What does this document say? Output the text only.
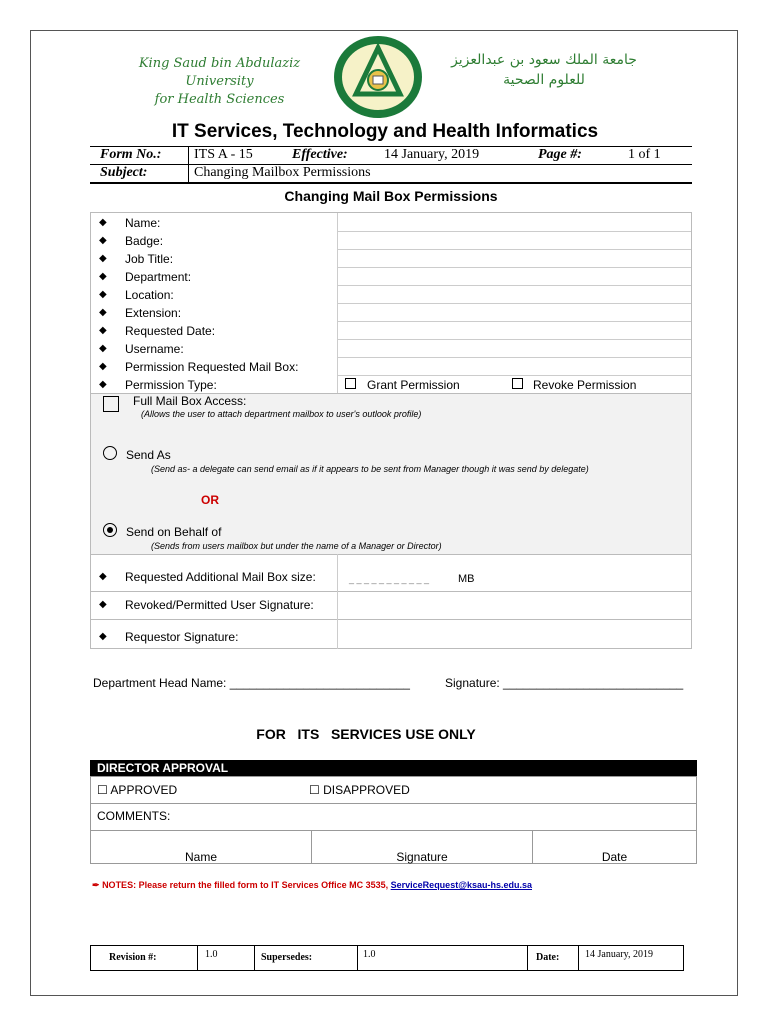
King Saud bin Abdulaziz University
for Health Sciences
جامعة الملك سعود بن عبدالعزيز
للعلوم الصحية
IT Services, Technology and Health Informatics
Form No.: ITS A - 15	Effective:	14 January, 2019	Page #:	1 of 1
Subject:	Changing Mailbox Permissions
Changing Mail Box Permissions
◆ Name:
◆ Badge:
◆ Job Title:
◆ Department:
◆ Location:
◆ Extension:
◆ Requested Date:
◆ Username:
◆ Permission Requested Mail Box:
◆ Permission Type:	Grant Permission	Revoke Permission
Full Mail Box Access:
(Allows the user to attach department mailbox to user's outlook profile)
Send As
(Send as- a delegate can send email as if it appears to be sent from Manager though it was send by delegate)
OR
Send on Behalf of
(Sends from users mailbox but under the name of a Manager or Director)
◆ Requested Additional Mail Box size:	_ _ _ _ _ _ _ _ _ _ _	MB
◆ Revoked/Permitted User Signature:
◆ Requestor Signature:
Department Head Name: ___________________________	Signature: ___________________________
FOR   ITS   SERVICES USE ONLY
DIRECTOR APPROVAL
☐ APPROVED	☐ DISAPPROVED
COMMENTS:
Name	Signature	Date
✒ NOTES: Please return the filled form to IT Services Office MC 3535, ServiceRequest@ksau-hs.edu.sa
Revision #:	1.0	Supersedes:	1.0	Date:	14 January, 2019
